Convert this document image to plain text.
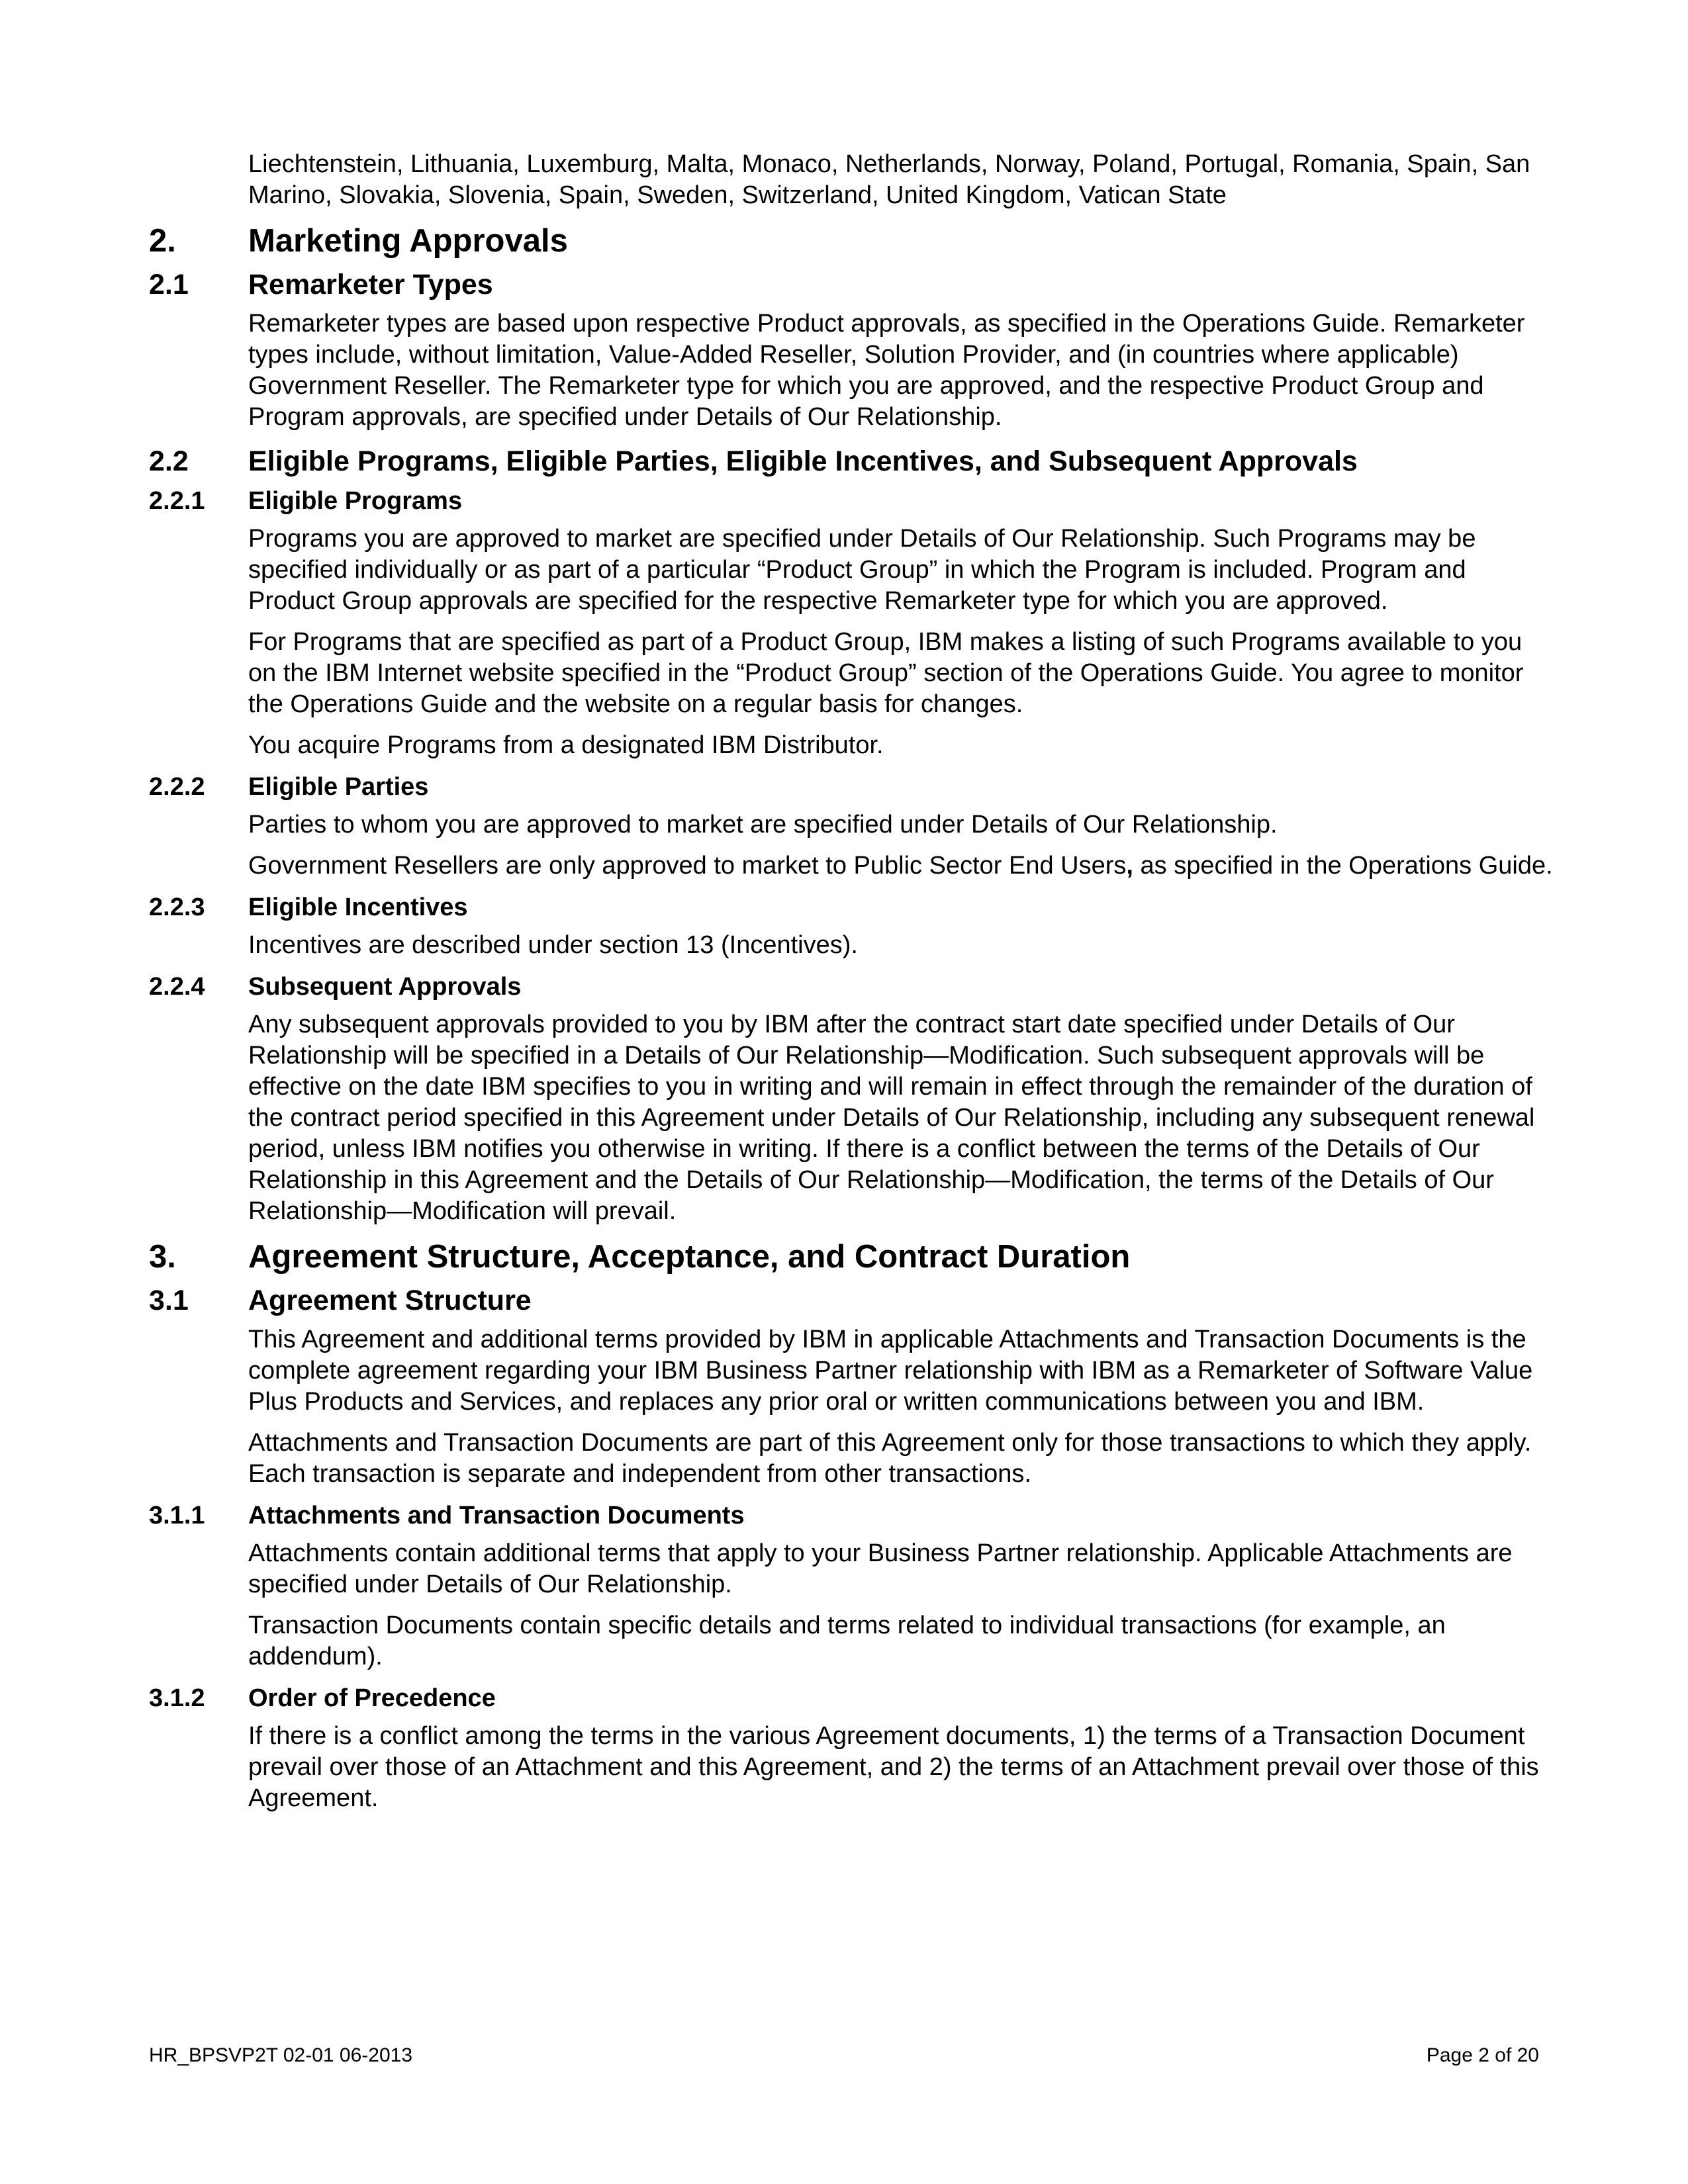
Liechtenstein, Lithuania, Luxemburg, Malta, Monaco, Netherlands, Norway, Poland, Portugal, Romania, Spain, San Marino, Slovakia, Slovenia, Spain, Sweden, Switzerland, United Kingdom, Vatican State

2.	Marketing Approvals
2.1	Remarketer Types

Remarketer types are based upon respective Product approvals, as specified in the Operations Guide. Remarketer types include, without limitation, Value-Added Reseller, Solution Provider, and (in countries where applicable) Government Reseller. The Remarketer type for which you are approved, and the respective Product Group and Program approvals, are specified under Details of Our Relationship.

2.2	Eligible Programs, Eligible Parties, Eligible Incentives, and Subsequent Approvals
2.2.1	Eligible Programs

Programs you are approved to market are specified under Details of Our Relationship. Such Programs may be specified individually or as part of a particular “Product Group” in which the Program is included. Program and Product Group approvals are specified for the respective Remarketer type for which you are approved.

For Programs that are specified as part of a Product Group, IBM makes a listing of such Programs available to you on the IBM Internet website specified in the “Product Group” section of the Operations Guide. You agree to monitor the Operations Guide and the website on a regular basis for changes.

You acquire Programs from a designated IBM Distributor.

2.2.2	Eligible Parties

Parties to whom you are approved to market are specified under Details of Our Relationship.

Government Resellers are only approved to market to Public Sector End Users, as specified in the Operations Guide.

2.2.3	Eligible Incentives

Incentives are described under section 13 (Incentives).

2.2.4	Subsequent Approvals

Any subsequent approvals provided to you by IBM after the contract start date specified under Details of Our Relationship will be specified in a Details of Our Relationship—Modification. Such subsequent approvals will be effective on the date IBM specifies to you in writing and will remain in effect through the remainder of the duration of the contract period specified in this Agreement under Details of Our Relationship, including any subsequent renewal period, unless IBM notifies you otherwise in writing. If there is a conflict between the terms of the Details of Our Relationship in this Agreement and the Details of Our Relationship—Modification, the terms of the Details of Our Relationship—Modification will prevail.

3.	Agreement Structure, Acceptance, and Contract Duration
3.1	Agreement Structure

This Agreement and additional terms provided by IBM in applicable Attachments and Transaction Documents is the complete agreement regarding your IBM Business Partner relationship with IBM as a Remarketer of Software Value Plus Products and Services, and replaces any prior oral or written communications between you and IBM.

Attachments and Transaction Documents are part of this Agreement only for those transactions to which they apply. Each transaction is separate and independent from other transactions.

3.1.1	Attachments and Transaction Documents

Attachments contain additional terms that apply to your Business Partner relationship. Applicable Attachments are specified under Details of Our Relationship.

Transaction Documents contain specific details and terms related to individual transactions (for example, an addendum).

3.1.2	Order of Precedence

If there is a conflict among the terms in the various Agreement documents, 1) the terms of a Transaction Document prevail over those of an Attachment and this Agreement, and 2) the terms of an Attachment prevail over those of this Agreement.

HR_BPSVP2T 02-01 06-2013	Page 2 of 20
